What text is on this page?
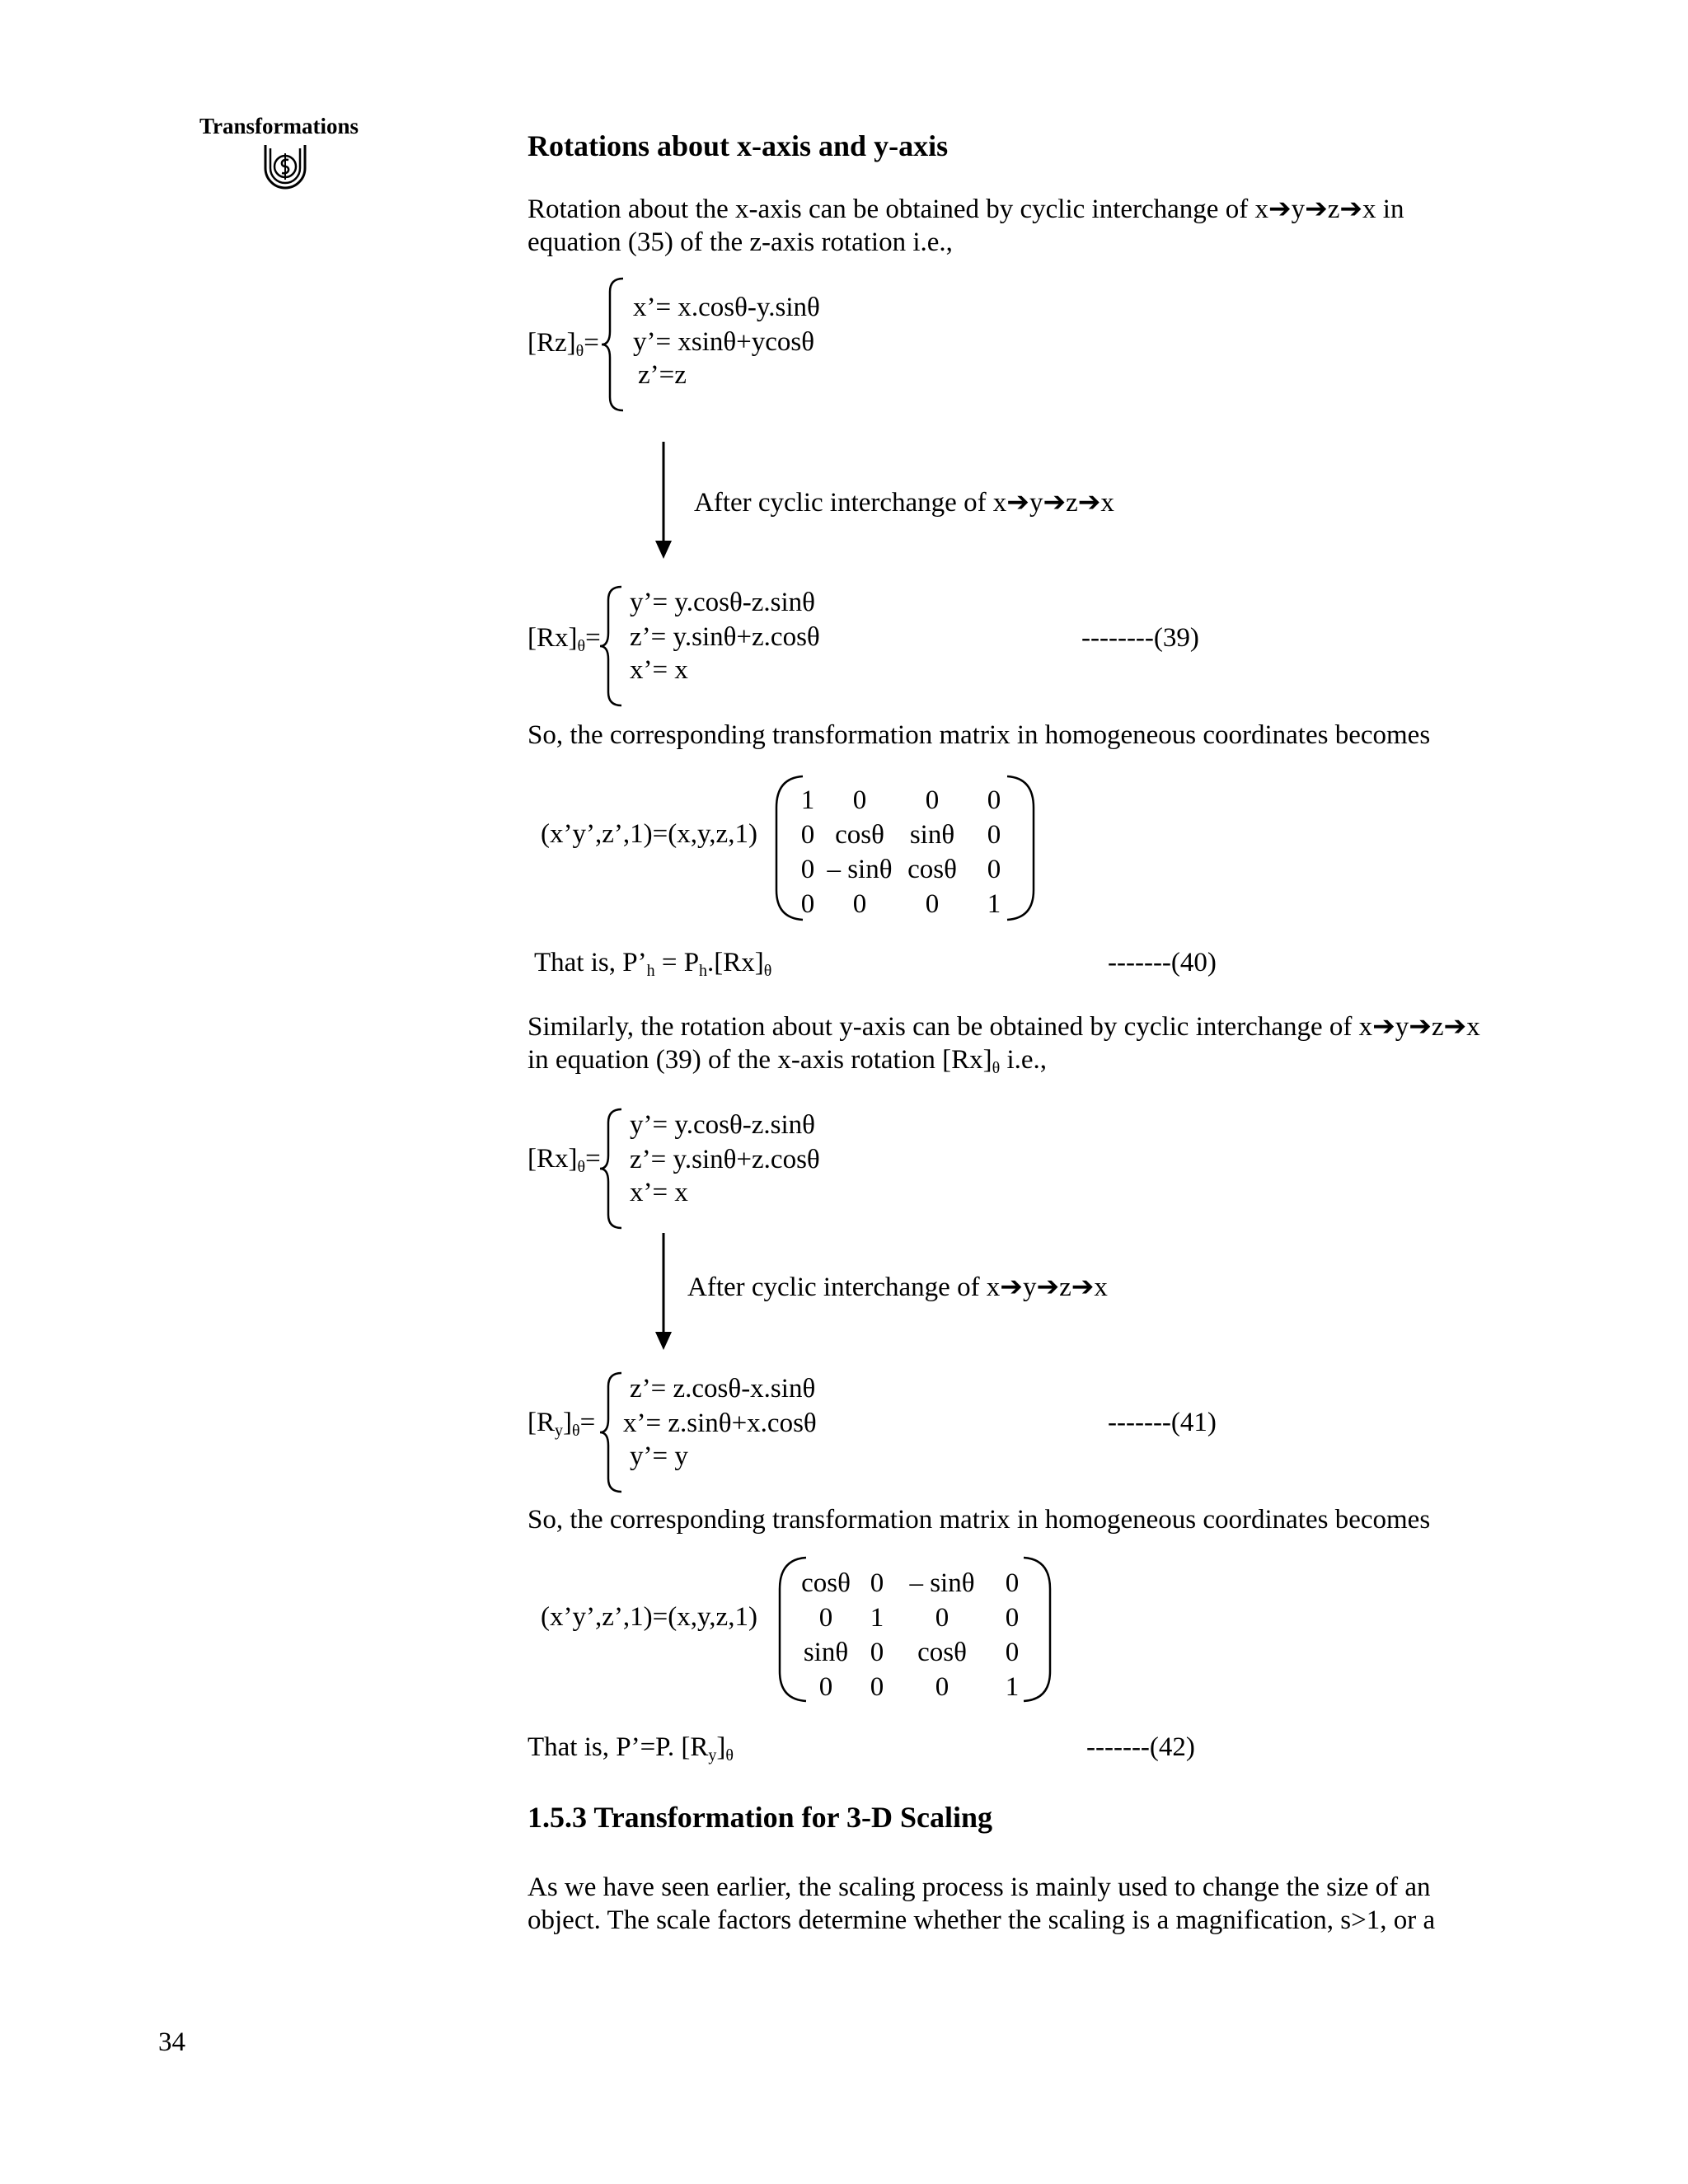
Transformations
Rotations about x-axis and y-axis
Rotation about the x-axis can be obtained by cyclic interchange of x➔y➔z➔x in equation (35) of the z-axis rotation i.e.,
$[Rz]_\theta=$
x’= x.cosθ-y.sinθ
y’= xsinθ+ycosθ
z’=z
After cyclic interchange of x➔y➔z➔x
$[Rx]_\theta=$
y’= y.cosθ-z.sinθ
z’= y.sinθ+z.cosθ
x’= x
--------(39)
So, the corresponding transformation matrix in homogeneous coordinates becomes
(x’y’,z’,1)=(x,y,z,1)
1	0	0	0
0	cosθ	sinθ	0
0	– sinθ	cosθ	0
0	0	0	1
That is, $P’_h = P_h.[Rx]_\theta$	-------(40)
Similarly, the rotation about y-axis can be obtained by cyclic interchange of x➔y➔z➔x in equation (39) of the x-axis rotation $[Rx]_\theta$ i.e.,
$[Rx]_\theta=$
y’= y.cosθ-z.sinθ
z’= y.sinθ+z.cosθ
x’= x
After cyclic interchange of x➔y➔z➔x
$[R_y]_\theta=$
z’= z.cosθ-x.sinθ
x’= z.sinθ+x.cosθ
y’= y
-------(41)
So, the corresponding transformation matrix in homogeneous coordinates becomes
(x’y’,z’,1)=(x,y,z,1)
cosθ	0	– sinθ	0
0	1	0	0
sinθ	0	cosθ	0
0	0	0	1
That is, P’=P. $[R_y]_\theta$	-------(42)
1.5.3 Transformation for 3-D Scaling
As we have seen earlier, the scaling process is mainly used to change the size of an object. The scale factors determine whether the scaling is a magnification, s>1, or a
34
